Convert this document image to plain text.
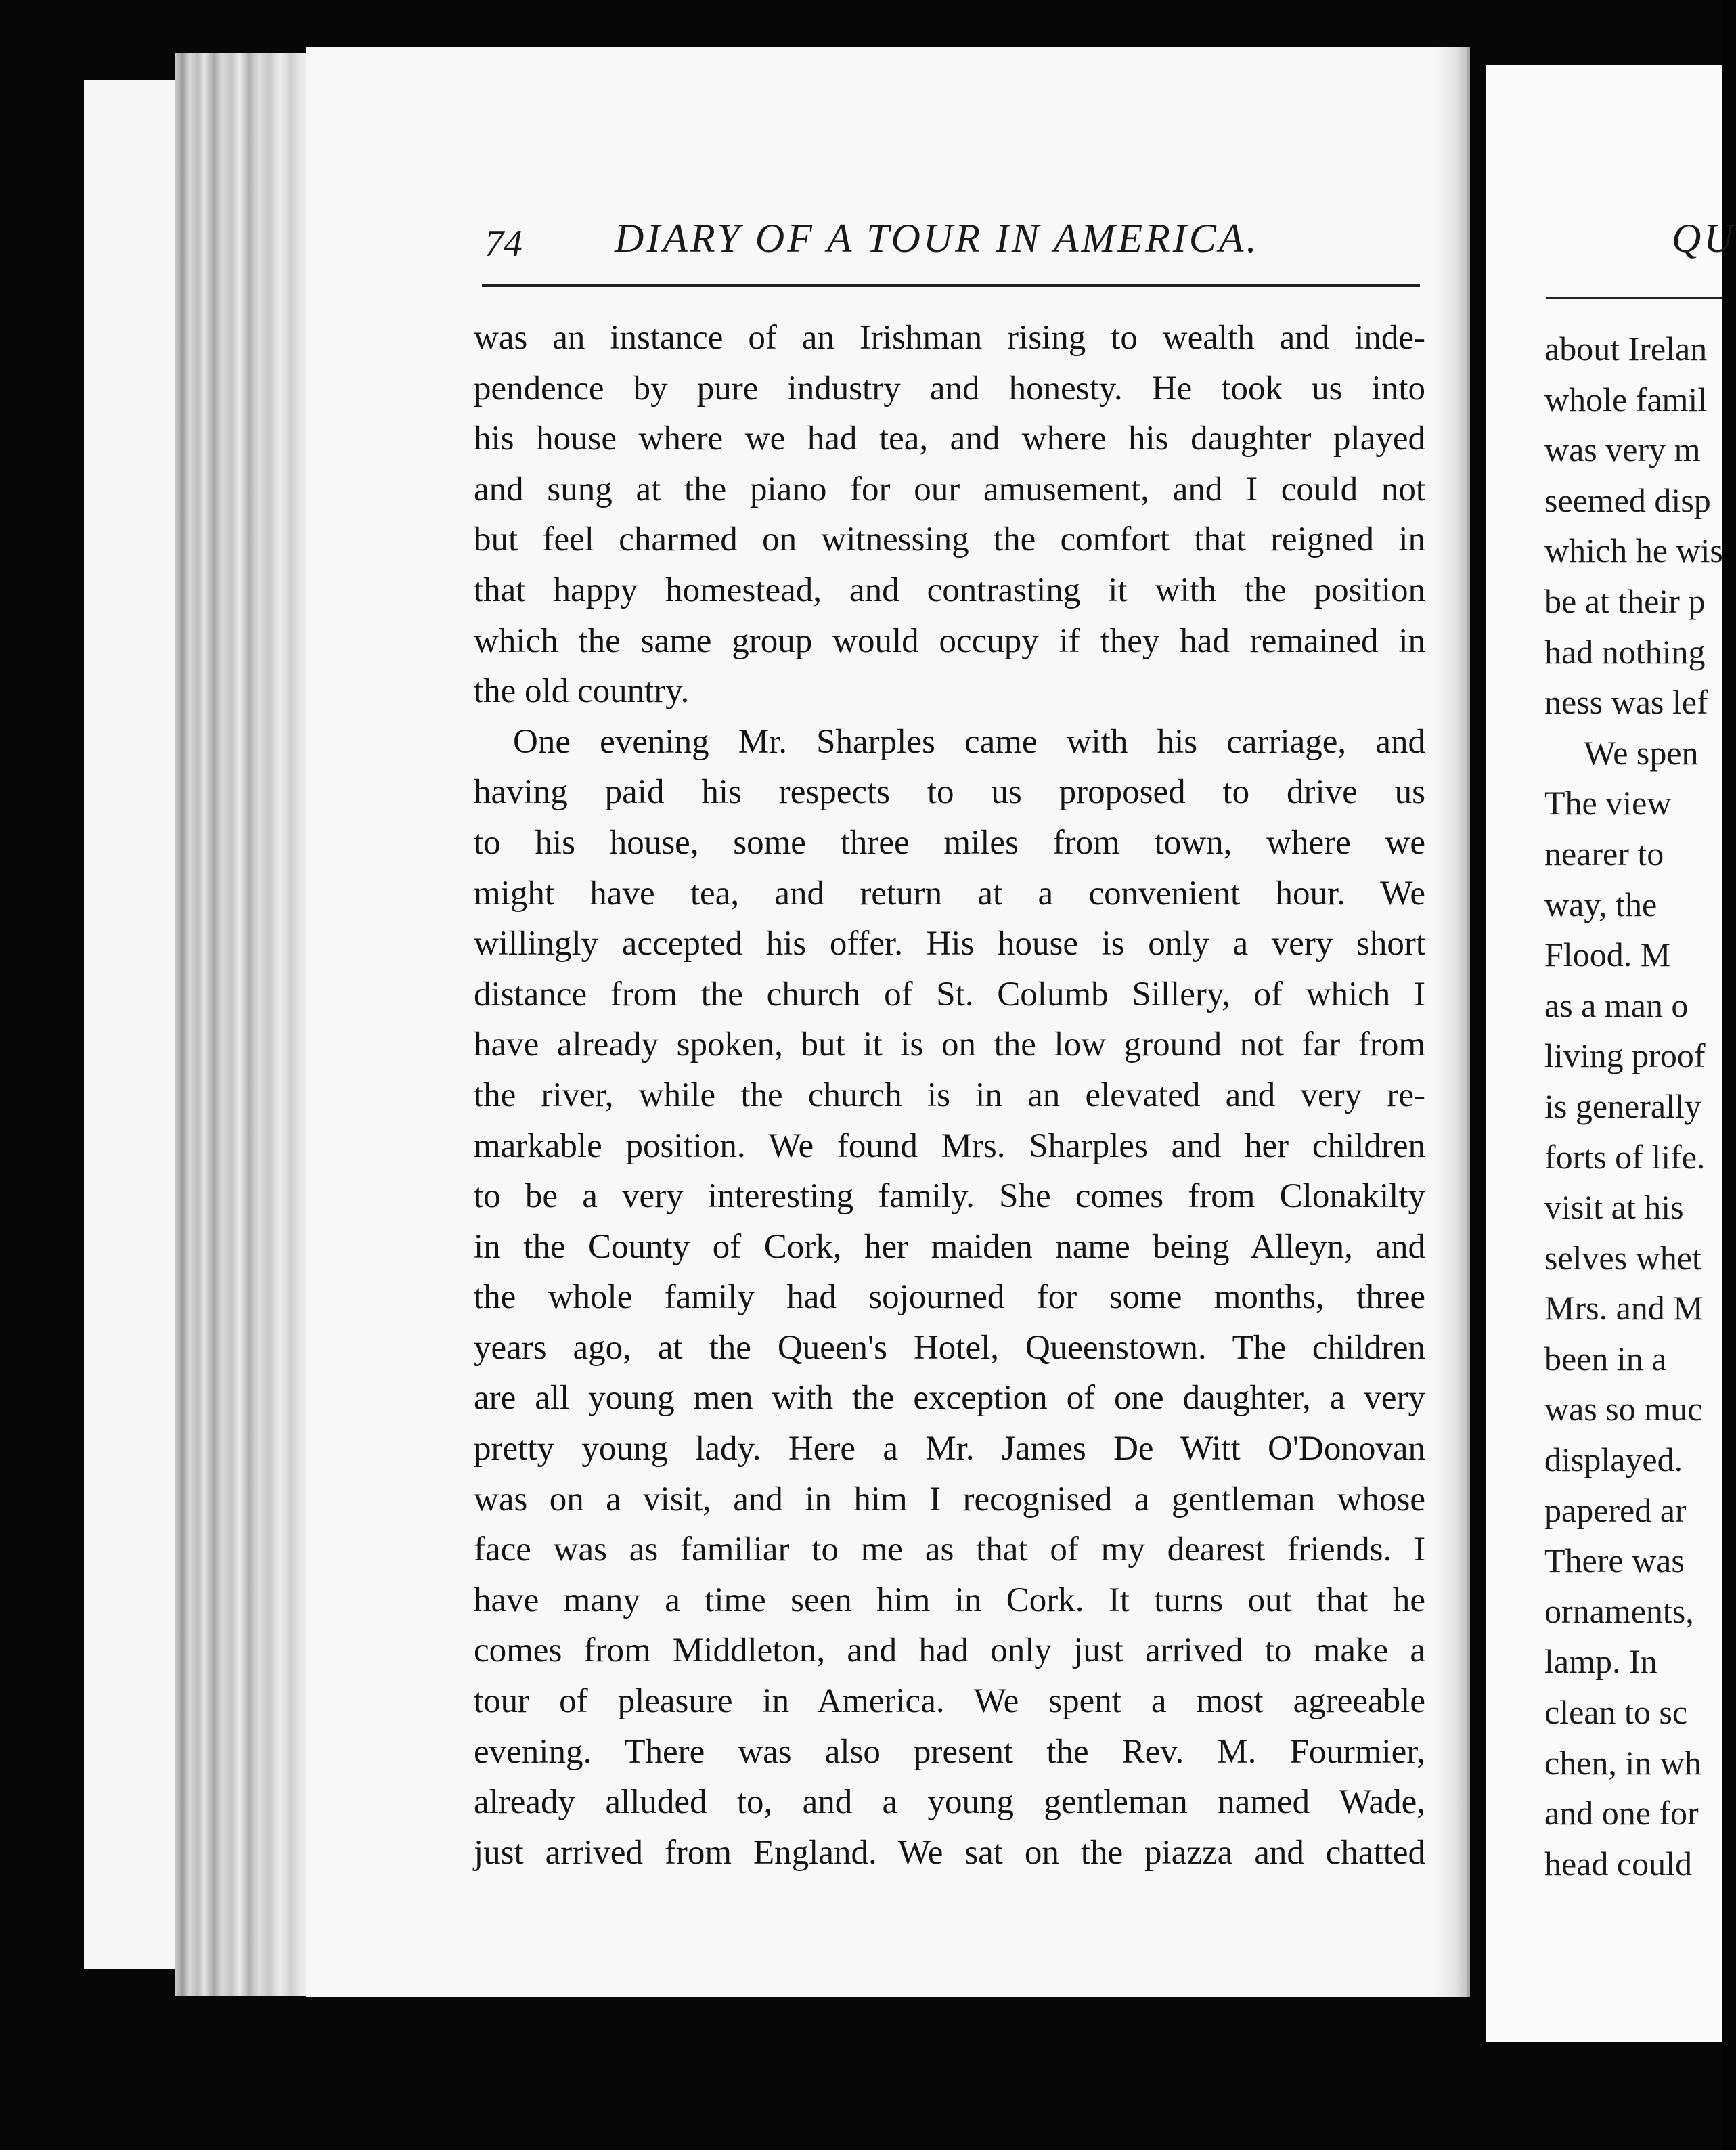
QU
about Irelan
whole famil
was very m
seemed disp
which he wis
be at their p
had nothing
ness was lef
We spen
The view
nearer to
way, the
Flood. M
as a man o
living proof
is generally
forts of life.
visit at his
selves whet
Mrs. and M
been in a
was so muc
displayed.
papered ar
There was
ornaments,
lamp. In
clean to sc
chen, in wh
and one for
head could
74 DIARY OF A TOUR IN AMERICA.
was an instance of an Irishman rising to wealth and inde-
pendence by pure industry and honesty. He took us into
his house where we had tea, and where his daughter played
and sung at the piano for our amusement, and I could not
but feel charmed on witnessing the comfort that reigned in
that happy homestead, and contrasting it with the position
which the same group would occupy if they had remained in
the old country.
One evening Mr. Sharples came with his carriage, and
having paid his respects to us proposed to drive us
to his house, some three miles from town, where we
might have tea, and return at a convenient hour. We
willingly accepted his offer. His house is only a very short
distance from the church of St. Columb Sillery, of which I
have already spoken, but it is on the low ground not far from
the river, while the church is in an elevated and very re-
markable position. We found Mrs. Sharples and her children
to be a very interesting family. She comes from Clonakilty
in the County of Cork, her maiden name being Alleyn, and
the whole family had sojourned for some months, three
years ago, at the Queen's Hotel, Queenstown. The children
are all young men with the exception of one daughter, a very
pretty young lady. Here a Mr. James De Witt O'Donovan
was on a visit, and in him I recognised a gentleman whose
face was as familiar to me as that of my dearest friends. I
have many a time seen him in Cork. It turns out that he
comes from Middleton, and had only just arrived to make a
tour of pleasure in America. We spent a most agreeable
evening. There was also present the Rev. M. Fourmier,
already alluded to, and a young gentleman named Wade,
just arrived from England. We sat on the piazza and chatted
